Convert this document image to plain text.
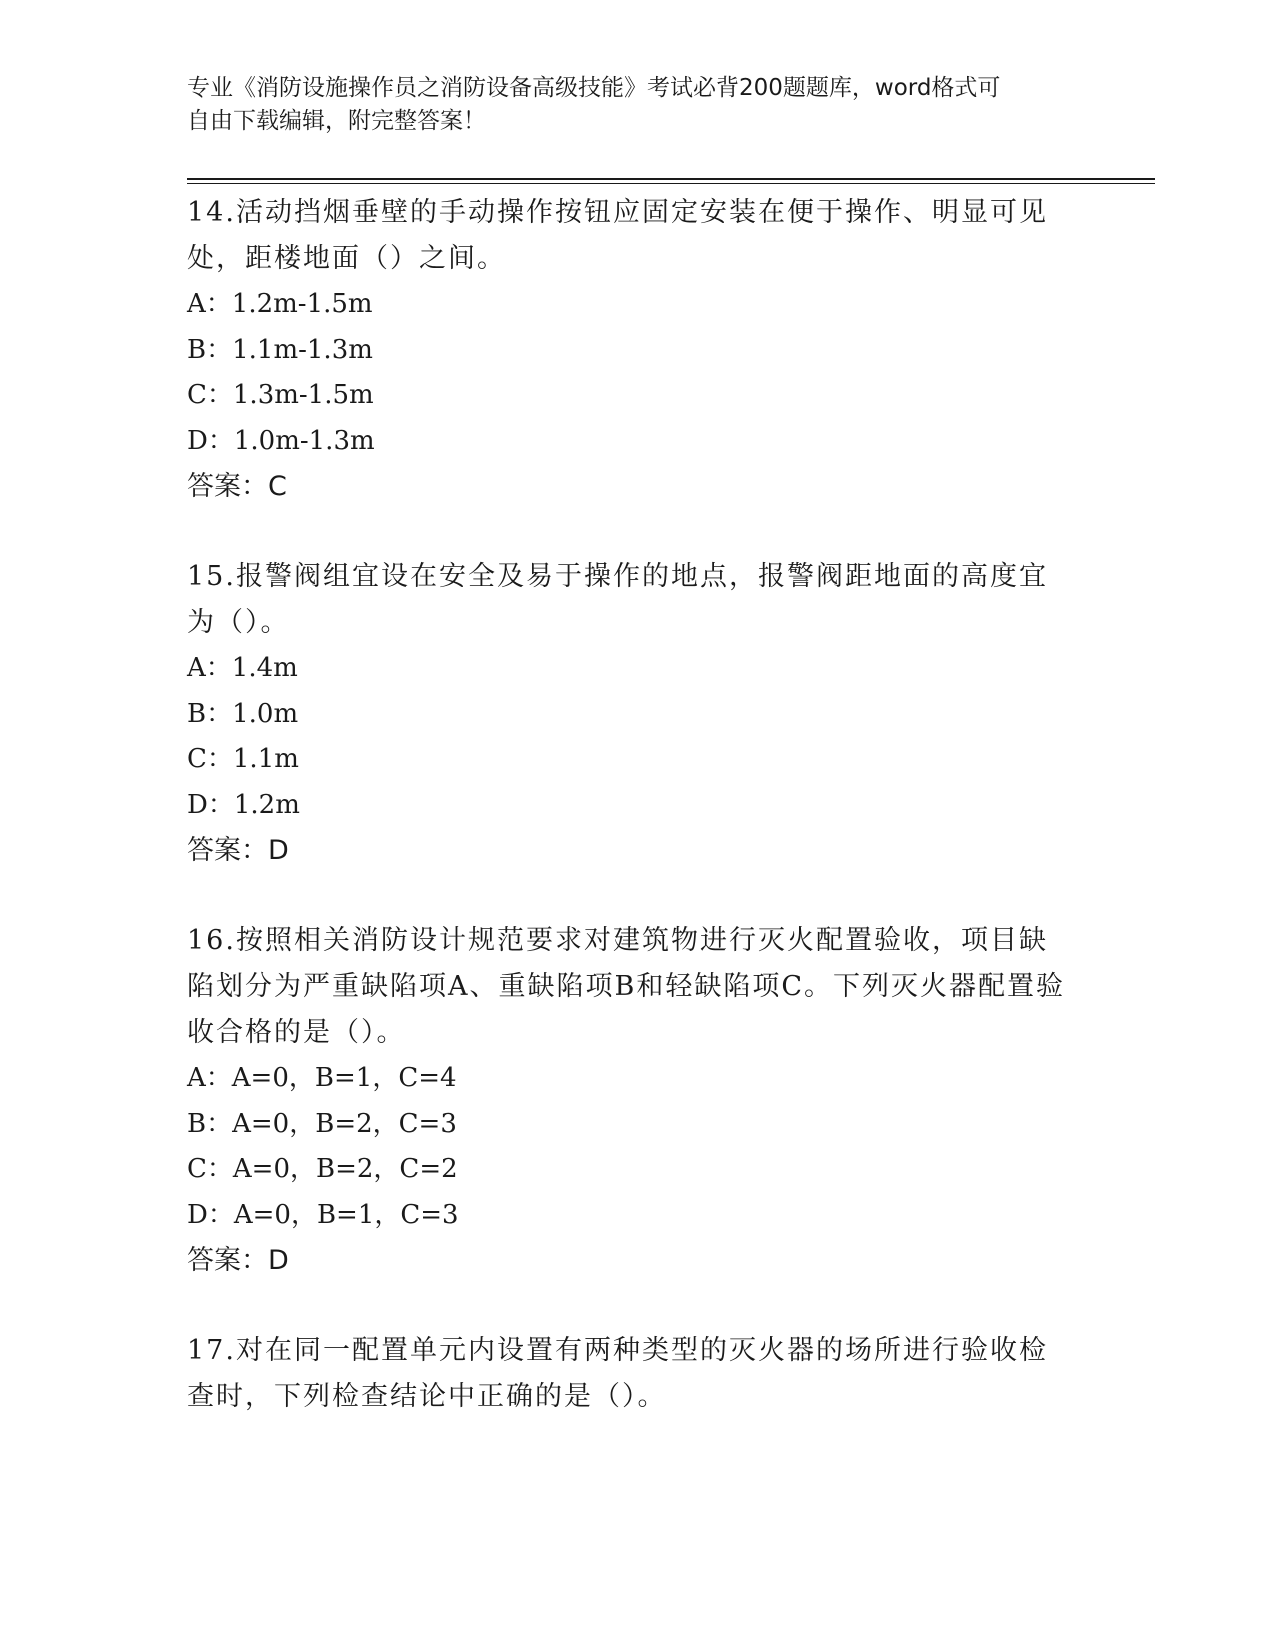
专业《消防设施操作员之消防设备高级技能》考试必背200题题库，word格式可
自由下载编辑，附完整答案！

14.活动挡烟垂壁的手动操作按钮应固定安装在便于操作、明显可见处，距楼地面（）之间。

A：1.2m-1.5m

B：1.1m-1.3m

C：1.3m-1.5m

D：1.0m-1.3m

答案：C

15.报警阀组宜设在安全及易于操作的地点，报警阀距地面的高度宜为（）。

A：1.4m

B：1.0m

C：1.1m

D：1.2m

答案：D

16.按照相关消防设计规范要求对建筑物进行灭火配置验收，项目缺陷划分为严重缺陷项A、重缺陷项B和轻缺陷项C。下列灭火器配置验收合格的是（）。

A：A=0，B=1，C=4

B：A=0，B=2，C=3

C：A=0，B=2，C=2

D：A=0，B=1，C=3

答案：D

17.对在同一配置单元内设置有两种类型的灭火器的场所进行验收检查时，下列检查结论中正确的是（）。
